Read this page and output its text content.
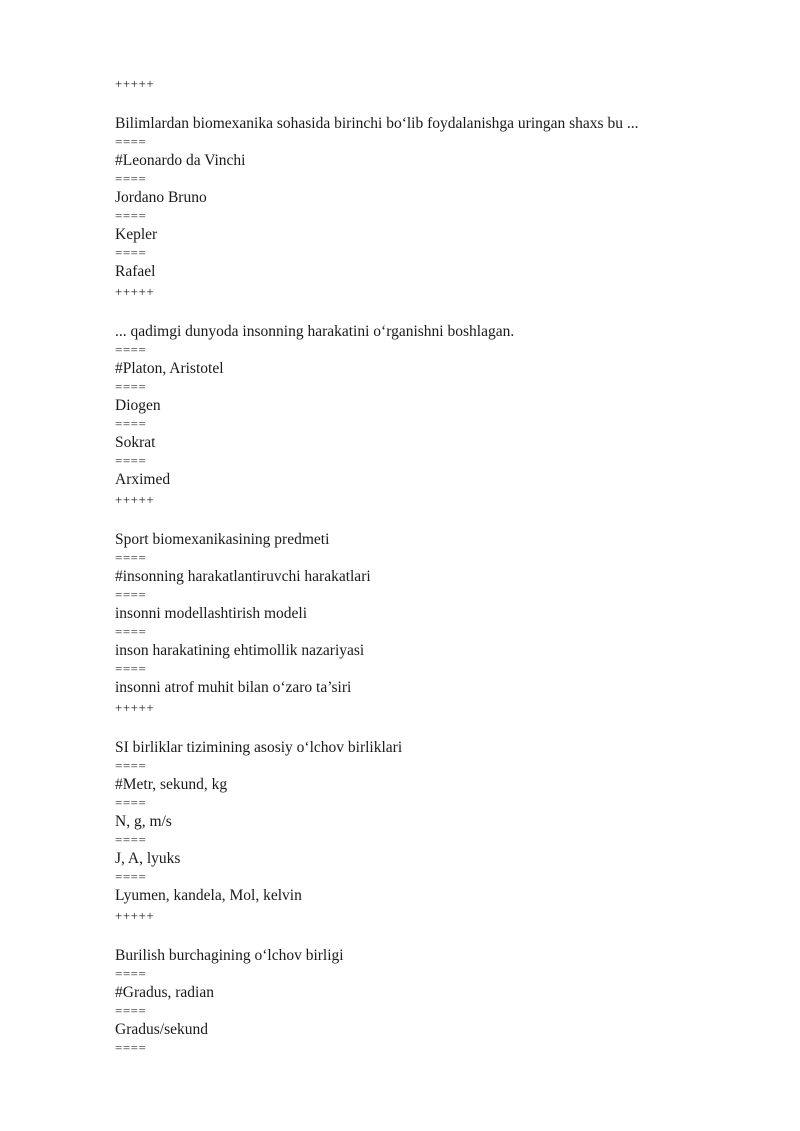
+++++
Bilimlardan biomexanika sohasida birinchi bo‘lib foydalanishga uringan shaxs bu ...
====
#Leonardo da Vinchi
====
Jordano Bruno
====
Kepler
====
Rafael
+++++
... qadimgi dunyoda insonning harakatini o‘rganishni boshlagan.
====
#Platon, Aristotel
====
Diogen
====
Sokrat
====
Arximed
+++++
Sport biomexanikasining predmeti
====
#insonning harakatlantiruvchi harakatlari
====
insonni modellashtirish modeli
====
inson harakatining ehtimollik nazariyasi
====
insonni atrof muhit bilan o‘zaro ta’siri
+++++
SI birliklar tizimining asosiy o‘lchov birliklari
====
#Metr, sekund, kg
====
N, g, m/s
====
J, A, lyuks
====
Lyumen, kandela, Mol, kelvin
+++++
Burilish burchagining o‘lchov birligi
====
#Gradus, radian
====
Gradus/sekund
====
